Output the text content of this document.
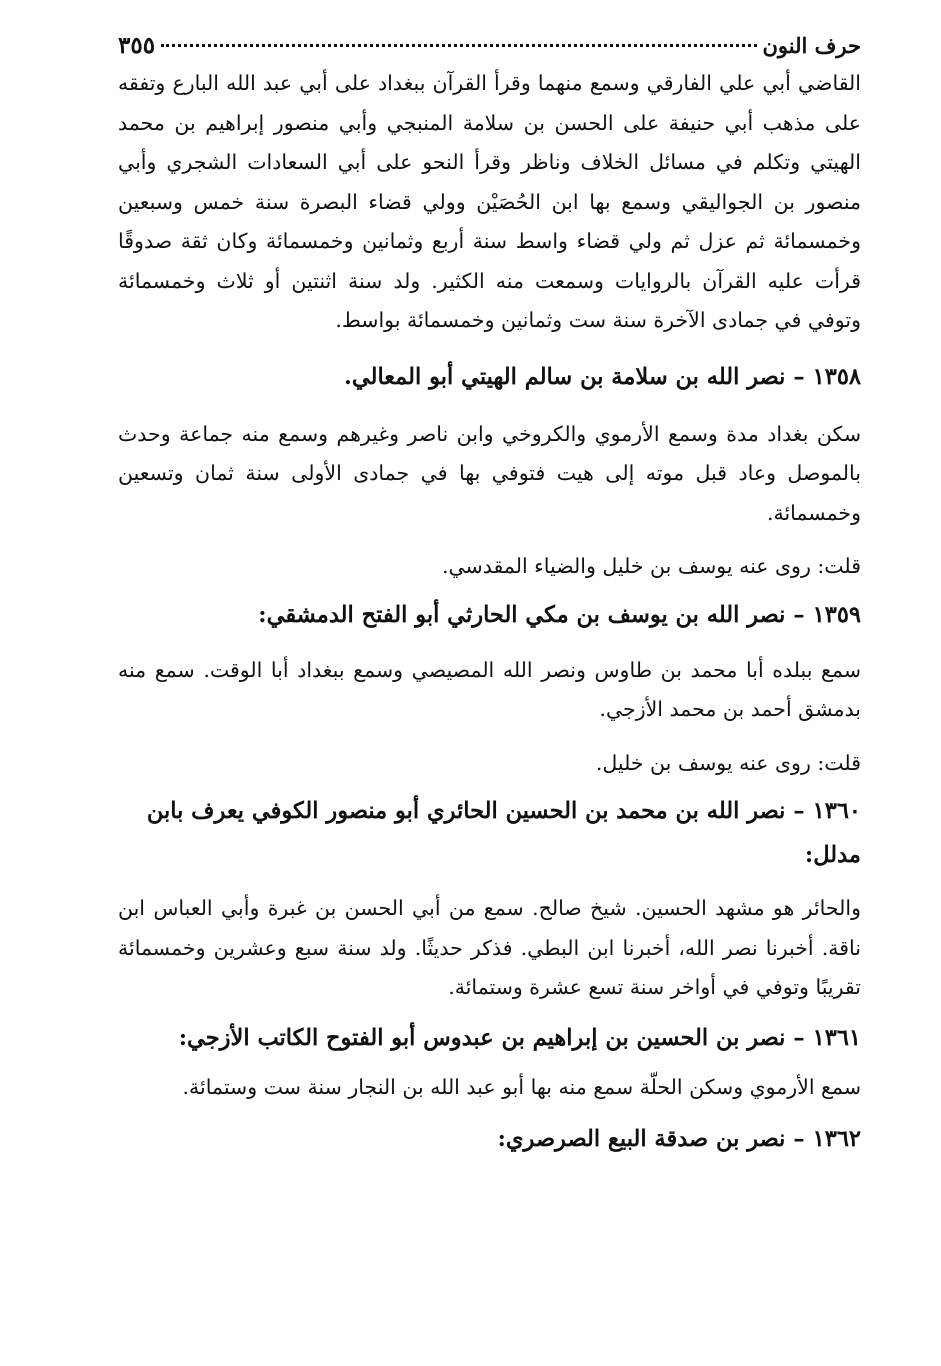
حرف النون
٣٥٥

القاضي أبي علي الفارقي وسمع منهما وقرأ القرآن ببغداد على أبي عبد الله البارع وتفقه على مذهب أبي حنيفة على الحسن بن سلامة المنبجي وأبي منصور إبراهيم بن محمد الهيتي وتكلم في مسائل الخلاف وناظر وقرأ النحو على أبي السعادات الشجري وأبي منصور بن الجواليقي وسمع بها ابن الحُصَيْن وولي قضاء البصرة سنة خمس وسبعين وخمسمائة ثم عزل ثم ولي قضاء واسط سنة أربع وثمانين وخمسمائة وكان ثقة صدوقًا قرأت عليه القرآن بالروايات وسمعت منه الكثير. ولد سنة اثنتين أو ثلاث وخمسمائة وتوفي في جمادى الآخرة سنة ست وثمانين وخمسمائة بواسط.

١٣٥٨–نصر الله بن سلامة بن سالم الهيتي أبو المعالي.

سكن بغداد مدة وسمع الأرموي والكروخي وابن ناصر وغيرهم وسمع منه جماعة وحدث بالموصل وعاد قبل موته إلى هيت فتوفي بها في جمادى الأولى سنة ثمان وتسعين وخمسمائة.

قلت: روى عنه يوسف بن خليل والضياء المقدسي.

١٣٥٩–نصر الله بن يوسف بن مكي الحارثي أبو الفتح الدمشقي:

سمع ببلده أبا محمد بن طاوس ونصر الله المصيصي وسمع ببغداد أبا الوقت. سمع منه بدمشق أحمد بن محمد الأزجي.

قلت: روى عنه يوسف بن خليل.

١٣٦٠–نصر الله بن محمد بن الحسين الحائري أبو منصور الكوفي يعرف بابن مدلل:

والحائر هو مشهد الحسين. شيخ صالح. سمع من أبي الحسن بن غبرة وأبي العباس ابن ناقة. أخبرنا نصر الله، أخبرنا ابن البطي. فذكر حديثًا. ولد سنة سبع وعشرين وخمسمائة تقريبًا وتوفي في أواخر سنة تسع عشرة وستمائة.

١٣٦١–نصر بن الحسين بن إبراهيم بن عبدوس أبو الفتوح الكاتب الأزجي:

سمع الأرموي وسكن الحلّة سمع منه بها أبو عبد الله بن النجار سنة ست وستمائة.

١٣٦٢–نصر بن صدقة البيع الصرصري:
